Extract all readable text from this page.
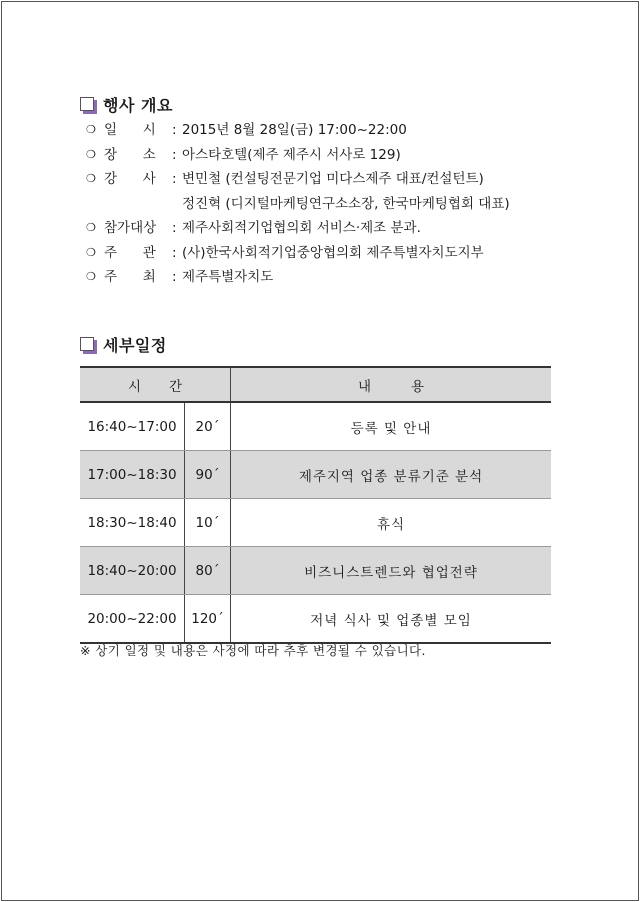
행사 개요
❍ 일      시 : 2015년 8월 28일(금) 17:00~22:00
❍ 장      소 : 아스타호텔(제주 제주시 서사로 129)
❍ 강      사 : 변민철 (컨설팅전문기업 미다스제주 대표/컨설턴트)
정진혁 (디지털마케팅연구소소장, 한국마케팅협회 대표)
❍ 참가대상 : 제주사회적기업협의회 서비스·제조 분과.
❍ 주      관 : (사)한국사회적기업중앙협의회 제주특별자치도지부
❍ 주      최 : 제주특별자치도
세부일정
시간		내용
16:40~17:00	20´	등록 및 안내
17:00~18:30	90´	제주지역 업종 분류기준 분석
18:30~18:40	10´	휴식
18:40~20:00	80´	비즈니스트렌드와 협업전략
20:00~22:00	120´	저녁 식사 및 업종별 모임
※ 상기 일정 및 내용은 사정에 따라 추후 변경될 수 있습니다.
